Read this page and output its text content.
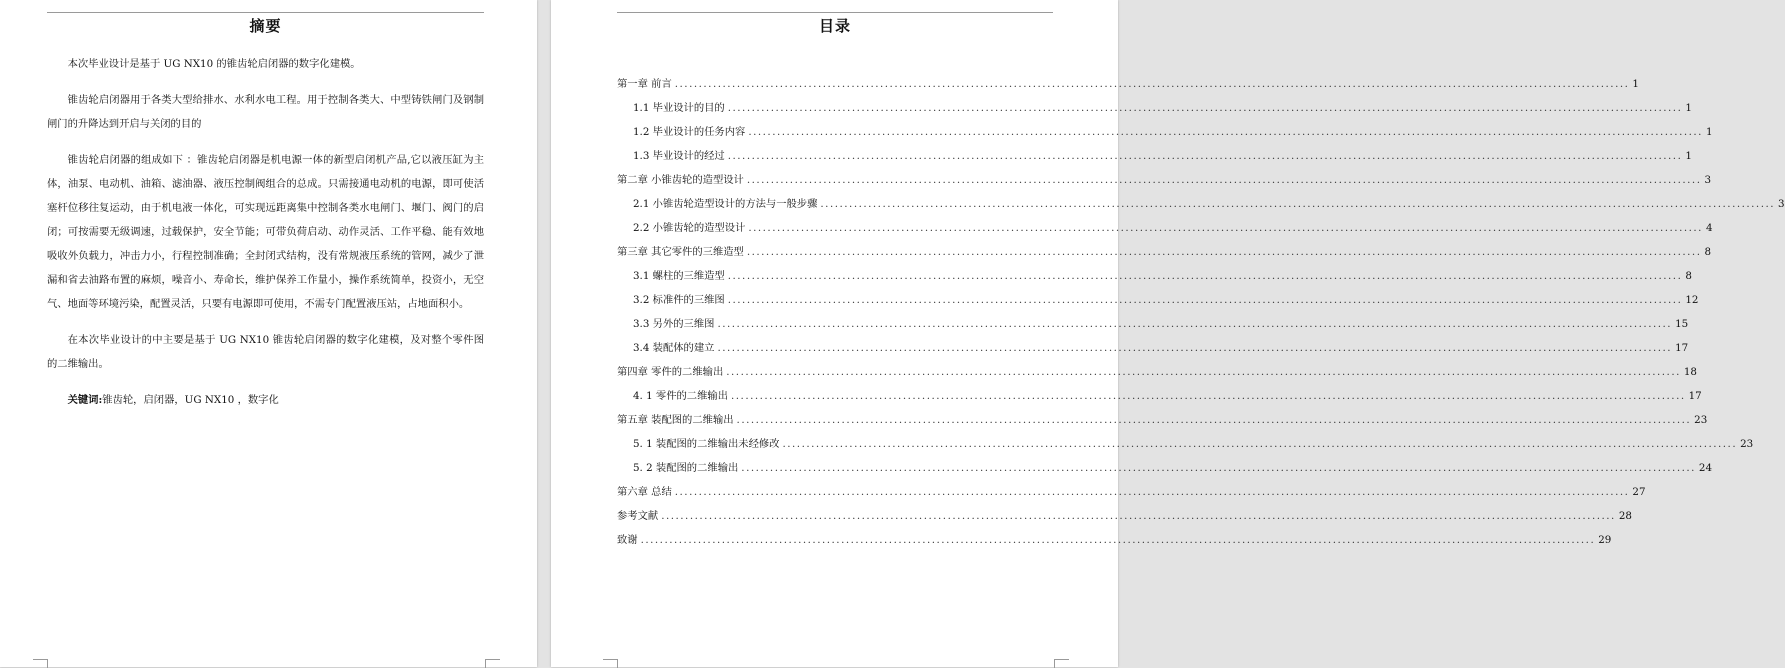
摘要

本次毕业设计是基于 UG NX10 的锥齿轮启闭器的数字化建模。

锥齿轮启闭器用于各类大型给排水、水利水电工程。用于控制各类大、中型铸铁闸门及钢制闸门的升降达到开启与关闭的目的

锥齿轮启闭器的组成如下 ：锥齿轮启闭器是机电源一体的新型启闭机产品,它以液压缸为主体，油泵、电动机、油箱、滤油器、液压控制阀组合的总成。只需接通电动机的电源，即可使活塞杆位移往复运动，由于机电液一体化，可实现远距离集中控制各类水电闸门、堰门、阀门的启闭；可按需要无级调速，过载保护，安全节能；可带负荷启动、动作灵活、工作平稳、能有效地吸收外负载力，冲击力小，行程控制准确；全封闭式结构，没有常规液压系统的管网，减少了泄漏和省去油路布置的麻烦，噪音小、寿命长，维护保养工作量小，操作系统简单，投资小，无空气、地面等环境污染，配置灵活，只要有电源即可使用，不需专门配置液压站，占地面积小。

在本次毕业设计的中主要是基于 UG NX10 锥齿轮启闭器的数字化建模，及对整个零件图的二维输出。

关键词:锥齿轮，启闭器，UG NX10 ，数字化

目录
第一章 前言 ........................................................................................................................................................................................................ 1
1.1 毕业设计的目的 ........................................................................................................................................................................................................ 1
1.2 毕业设计的任务内容 ........................................................................................................................................................................................................ 1
1.3 毕业设计的经过 ........................................................................................................................................................................................................ 1
第二章 小锥齿轮的造型设计 ........................................................................................................................................................................................................ 3
2.1 小锥齿轮造型设计的方法与一般步骤 ........................................................................................................................................................................................................ 3
2.2 小锥齿轮的造型设计 ........................................................................................................................................................................................................ 4
第三章 其它零件的三维造型 ........................................................................................................................................................................................................ 8
3.1 螺柱的三维造型 ........................................................................................................................................................................................................ 8
3.2 标准件的三维图 ........................................................................................................................................................................................................ 12
3.3 另外的三维图 ........................................................................................................................................................................................................ 15
3.4 装配体的建立 ........................................................................................................................................................................................................ 17
第四章 零件的二维输出 ........................................................................................................................................................................................................ 18
4. 1 零件的二维输出 ........................................................................................................................................................................................................ 17
第五章 装配图的二维输出 ........................................................................................................................................................................................................ 23
5. 1 装配图的二维输出未经修改 ........................................................................................................................................................................................................ 23
5. 2 装配图的二维输出 ........................................................................................................................................................................................................ 24
第六章 总结 ........................................................................................................................................................................................................ 27
参考文献 ........................................................................................................................................................................................................ 28
致谢 ........................................................................................................................................................................................................ 29
